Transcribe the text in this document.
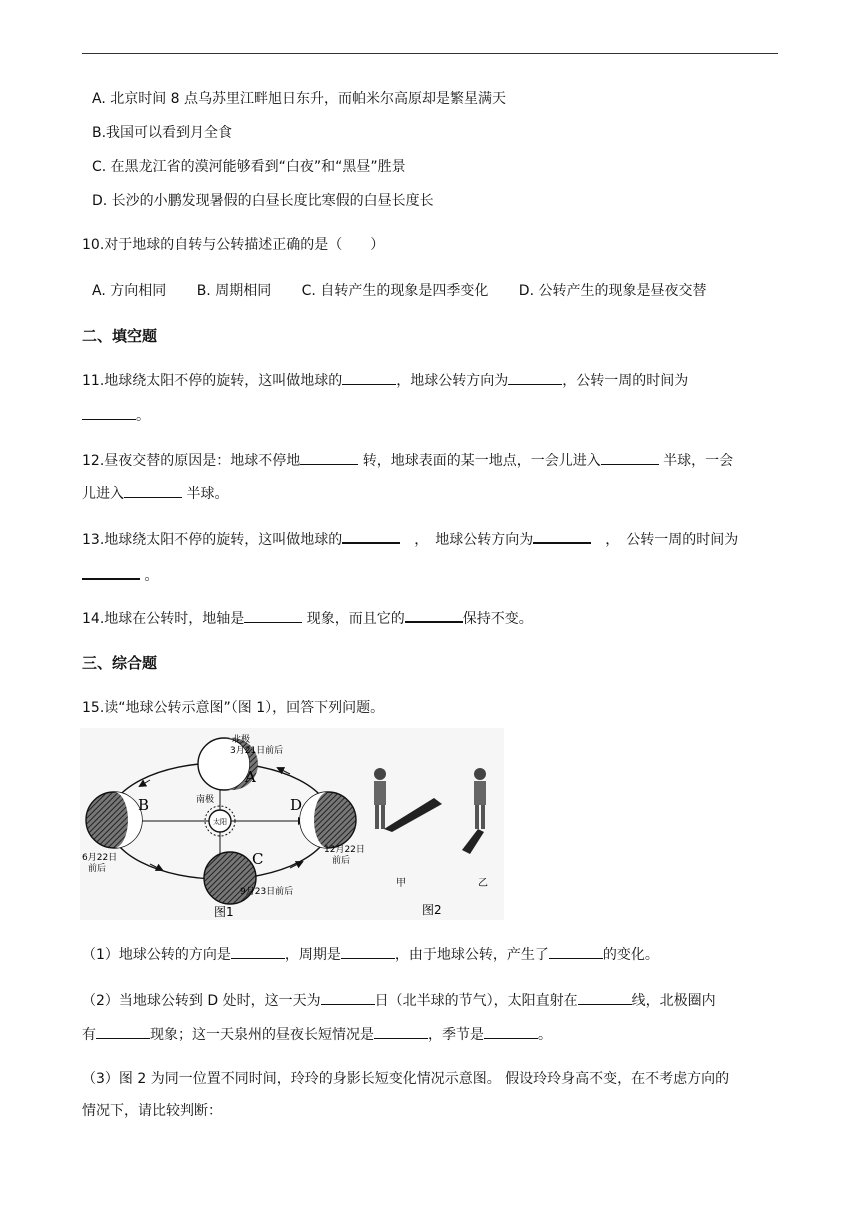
A. 北京时间 8 点乌苏里江畔旭日东升，而帕米尔高原却是繁星满天
B.我国可以看到月全食
C. 在黑龙江省的漠河能够看到“白夜”和“黑昼”胜景
D. 长沙的小鹏发现暑假的白昼长度比寒假的白昼长度长
10.对于地球的自转与公转描述正确的是（　　）
A. 方向相同 B. 周期相同 C. 自转产生的现象是四季变化 D. 公转产生的现象是昼夜交替
二、填空题
11.地球绕太阳不停的旋转，这叫做地球的	，地球公转方向为	，公转一周的时间为
。
12.昼夜交替的原因是：地球不停地	转，地球表面的某一地点，一会儿进入	半球，一会
儿进入	半球。
13.地球绕太阳不停的旋转，这叫做地球的	　，　地球公转方向为	　，　公转一周的时间为
。
14.地球在公转时，地轴是	现象，而且它的	保持不变。
三、综合题
15.读“地球公转示意图”（图 1），回答下列问题。
太阳
北极
3月21日前后
A
南极
B
6月22日
前后
D
12月22日
前后
C
9月23日前后
图1
甲	乙
图2
（1）地球公转的方向是	，周期是	，由于地球公转，产生了	的变化。
（2）当地球公转到 D 处时，这一天为	日（北半球的节气），太阳直射在	线，北极圈内
有	现象；这一天泉州的昼夜长短情况是	，季节是	。
（3）图 2 为同一位置不同时间，玲玲的身影长短变化情况示意图。 假设玲玲身高不变，在不考虑方向的
情况下，请比较判断：
